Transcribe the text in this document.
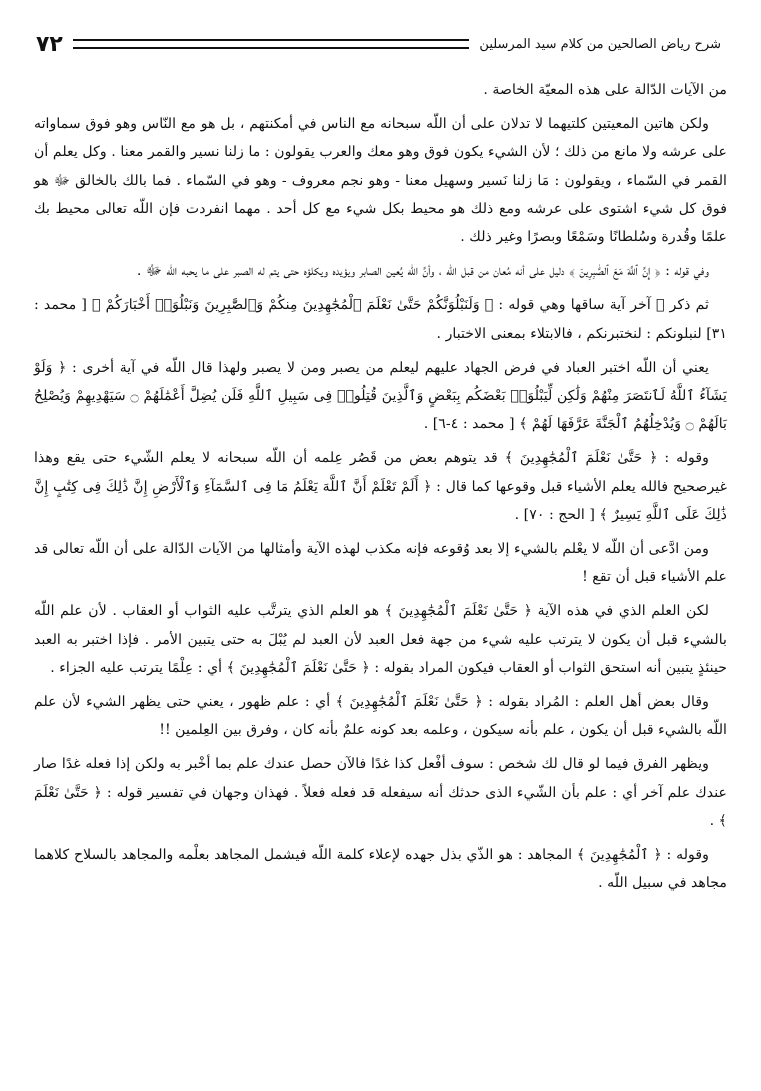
٧٢	شرح رياض الصالحين من كلام سيد المرسلين

من الآيات الدّالة على هذه المعيّة الخاصة .

ولكن هاتين المعيتين كلتيهما لا تدلان على أن اللّه سبحانه مع الناس في أمكنتهم ، بل هو مع النّاس وهو فوق سماواته على عرشه ولا مانع من ذلك ؛ لأن الشيء يكون فوق وهو معك والعرب يقولون : ما زلنا نسير والقمر معنا . وكل يعلم أن القمر في السّماء ، ويقولون : مَا زلنا نَسير وسهيل معنا - وهو نجم معروف - وهو في السّماء . فما بالك بالخالق ﷻ هو فوق كل شيء اشتوى على عرشه ومع ذلك هو محيط بكل شيء مع كل أحد . مهما انفردت فإن اللّه تعالى محيط بك علمًا وقُدرة وسُلطانًا وسَمْعًا وبصرًا وغير ذلك .

وفي قوله : ﴿ إِنَّ ٱللَّهَ مَعَ ٱلصَّٰبِرِينَ ﴾ دليل على أنه مُعان من قبل اللّه ، وأنَّ اللّه يُعين الصابر ويؤيده ويكلؤه حتى يتم له الصبر على ما يحبه اللّه ﷻ .

ثم ذكر ﷺ آخر آية ساقها وهي قوله : ﴿ وَلَنَبْلُوَنَّكُمْ حَتَّىٰ نَعْلَمَ ٱلْمُجَٰهِدِينَ مِنكُمْ وَٱلصَّٰبِرِينَ وَنَبْلُوَا۟ أَخْبَارَكُمْ ﴾ [ محمد : ٣١] لنبلونكم : لنختبرنكم ، فالابتلاء بمعنى الاختبار .

يعني أن اللّه اختبر العباد في فرض الجهاد عليهم ليعلم من يصبر ومن لا يصبر ولهذا قال اللّه في آية أخرى : ﴿ وَلَوْ يَشَآءُ ٱللَّهُ لَٱنتَصَرَ مِنْهُمْ وَلَٰكِن لِّيَبْلُوَا۟ بَعْضَكُم بِبَعْضٍ وَٱلَّذِينَ قُتِلُوا۟ فِى سَبِيلِ ٱللَّهِ فَلَن يُضِلَّ أَعْمَٰلَهُمْ ۝ سَيَهْدِيهِمْ وَيُصْلِحُ بَالَهُمْ ۝ وَيُدْخِلُهُمُ ٱلْجَنَّةَ عَرَّفَهَا لَهُمْ ﴾ [ محمد : ٤-٦] .

وقوله : ﴿ حَتَّىٰ نَعْلَمَ ٱلْمُجَٰهِدِينَ ﴾ قد يتوهم بعض من قَصُر عِلمه أن اللّه سبحانه لا يعلم الشّيء حتى يقع وهذا غيرصحيح فالله يعلم الأشياء قبل وقوعها كما قال : ﴿ أَلَمْ تَعْلَمْ أَنَّ ٱللَّهَ يَعْلَمُ مَا فِى ٱلسَّمَآءِ وَٱلْأَرْضِ إِنَّ ذَٰلِكَ فِى كِتَٰبٍ إِنَّ ذَٰلِكَ عَلَى ٱللَّهِ يَسِيرٌ ﴾ [ الحج : ٧٠] .

ومن ادَّعى أن اللّه لا يعْلم بالشيء إلا بعد وُقوعه فإنه مكذب لهذه الآية وأمثالها من الآيات الدّالة على أن اللّه تعالى قد علم الأشياء قبل أن تقع !

لكن العلم الذي في هذه الآية ﴿ حَتَّىٰ نَعْلَمَ ٱلْمُجَٰهِدِينَ ﴾ هو العلم الذي يترتَّب عليه الثواب أو العقاب . لأن علم اللّه بالشيء قبل أن يكون لا يترتب عليه شيء من جهة فعل العبد لأن العبد لم يُبْلَ به حتى يتبين الأمر . فإذا اختبر به العبد حينئذٍ يتبين أنه استحق الثواب أو العقاب فيكون المراد بقوله : ﴿ حَتَّىٰ نَعْلَمَ ٱلْمُجَٰهِدِينَ ﴾ أي : عِلْمًا يترتب عليه الجزاء .

وقال بعض أهل العلم : المُراد بقوله : ﴿ حَتَّىٰ نَعْلَمَ ٱلْمُجَٰهِدِينَ ﴾ أي : علم ظهور ، يعني حتى يظهر الشيء لأن علم اللّه بالشيء قبل أن يكون ، علم بأنه سيكون ، وعلمه بعد كونه علمٌ بأنه كان ، وفرق بين العِلمين !!

ويظهر الفرق فيما لو قال لك شخص : سوف أفْعل كذا غدًا فالآن حصل عندك علم بما أخْبر به ولكن إذا فعله غدًا صار عندك علم آخر أي : علم بأن الشّيء الذى حدثك أنه سيفعله قد فعله فعلاً . فهذان وجهان في تفسير قوله : ﴿ حَتَّىٰ نَعْلَمَ ﴾ .

وقوله : ﴿ ٱلْمُجَٰهِدِينَ ﴾ المجاهد : هو الذّي بذل جهده لإعلاء كلمة اللّه فيشمل المجاهد بعلْمه والمجاهد بالسلاح كلاهما مجاهد في سبيل اللّه .
